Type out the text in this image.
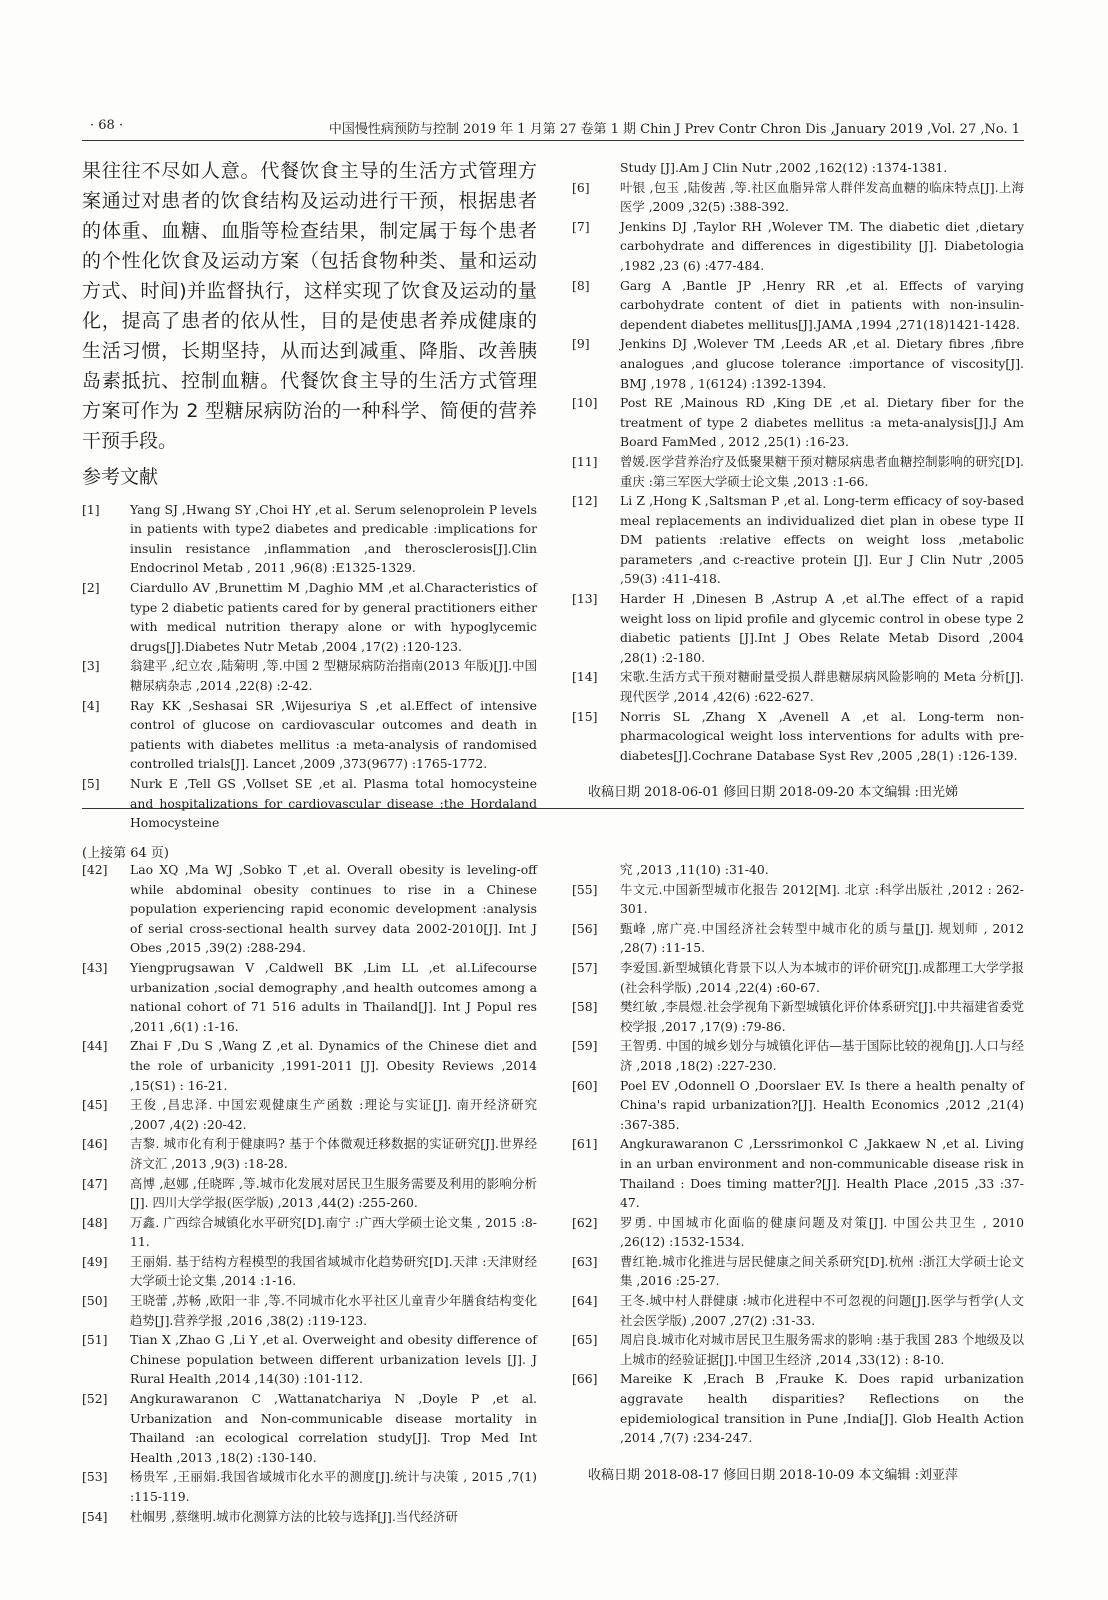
· 68 ·	中国慢性病预防与控制 2019 年 1 月第 27 卷第 1 期 Chin J Prev Contr Chron Dis ,January 2019 ,Vol. 27 ,No. 1
果往往不尽如人意。代餐饮食主导的生活方式管理方案通过对患者的饮食结构及运动进行干预，根据患者的体重、血糖、血脂等检查结果，制定属于每个患者的个性化饮食及运动方案（包括食物种类、量和运动方式、时间)并监督执行，这样实现了饮食及运动的量化，提高了患者的依从性，目的是使患者养成健康的生活习惯，长期坚持，从而达到减重、降脂、改善胰岛素抵抗、控制血糖。代餐饮食主导的生活方式管理方案可作为 2 型糖尿病防治的一种科学、简便的营养干预手段。
参考文献
[1]	Yang SJ ,Hwang SY ,Choi HY ,et al. Serum selenoprolein P levels in patients with type2 diabetes and predicable :implications for insulin resistance ,inflammation ,and therosclerosis[J].Clin Endocrinol Metab , 2011 ,96(8) :E1325-1329.
[2]	Ciardullo AV ,Brunettim M ,Daghio MM ,et al.Characteristics of type 2 diabetic patients cared for by general practitioners either with medical nutrition therapy alone or with hypoglycemic drugs[J].Diabetes Nutr Metab ,2004 ,17(2) :120-123.
[3]	翁建平 ,纪立农 ,陆菊明 ,等.中国 2 型糖尿病防治指南(2013 年版)[J].中国糖尿病杂志 ,2014 ,22(8) :2-42.
[4]	Ray KK ,Seshasai SR ,Wijesuriya S ,et al.Effect of intensive control of glucose on cardiovascular outcomes and death in patients with diabetes mellitus :a meta-analysis of randomised controlled trials[J]. Lancet ,2009 ,373(9677) :1765-1772.
[5]	Nurk E ,Tell GS ,Vollset SE ,et al. Plasma total homocysteine and hospitalizations for cardiovascular disease :the Hordaland Homocysteine
Study [J].Am J Clin Nutr ,2002 ,162(12) :1374-1381.
[6]	叶银 ,包玉 ,陆俊茜 ,等.社区血脂异常人群伴发高血糖的临床特点[J].上海医学 ,2009 ,32(5) :388-392.
[7]	Jenkins DJ ,Taylor RH ,Wolever TM. The diabetic diet ,dietary carbohydrate and differences in digestibility [J]. Diabetologia ,1982 ,23 (6) :477-484.
[8]	Garg A ,Bantle JP ,Henry RR ,et al. Effects of varying carbohydrate content of diet in patients with non-insulin-dependent diabetes mellitus[J].JAMA ,1994 ,271(18)1421-1428.
[9]	Jenkins DJ ,Wolever TM ,Leeds AR ,et al. Dietary fibres ,fibre analogues ,and glucose tolerance :importance of viscosity[J]. BMJ ,1978 , 1(6124) :1392-1394.
[10]	Post RE ,Mainous RD ,King DE ,et al. Dietary fiber for the treatment of type 2 diabetes mellitus :a meta-analysis[J].J Am Board FamMed , 2012 ,25(1) :16-23.
[11]	曾媛.医学营养治疗及低聚果糖干预对糖尿病患者血糖控制影响的研究[D].重庆 :第三军医大学硕士论文集 ,2013 :1-66.
[12]	Li Z ,Hong K ,Saltsman P ,et al. Long-term efficacy of soy-based meal replacements an individualized diet plan in obese type II DM patients :relative effects on weight loss ,metabolic parameters ,and c-reactive protein [J]. Eur J Clin Nutr ,2005 ,59(3) :411-418.
[13]	Harder H ,Dinesen B ,Astrup A ,et al.The effect of a rapid weight loss on lipid profile and glycemic control in obese type 2 diabetic patients [J].Int J Obes Relate Metab Disord ,2004 ,28(1) :2-180.
[14]	宋歌.生活方式干预对糖耐量受损人群患糖尿病风险影响的 Meta 分析[J].现代医学 ,2014 ,42(6) :622-627.
[15]	Norris SL ,Zhang X ,Avenell A ,et al. Long-term non-pharmacological weight loss interventions for adults with pre-diabetes[J].Cochrane Database Syst Rev ,2005 ,28(1) :126-139.
收稿日期 2018-06-01 修回日期 2018-09-20 本文编辑 :田光娣
(上接第 64 页)
[42]	Lao XQ ,Ma WJ ,Sobko T ,et al. Overall obesity is leveling-off while abdominal obesity continues to rise in a Chinese population experiencing rapid economic development :analysis of serial cross-sectional health survey data 2002-2010[J]. Int J Obes ,2015 ,39(2) :288-294.
[43]	Yiengprugsawan V ,Caldwell BK ,Lim LL ,et al.Lifecourse urbanization ,social demography ,and health outcomes among a national cohort of 71 516 adults in Thailand[J]. Int J Popul res ,2011 ,6(1) :1-16.
[44]	Zhai F ,Du S ,Wang Z ,et al. Dynamics of the Chinese diet and the role of urbanicity ,1991-2011 [J]. Obesity Reviews ,2014 ,15(S1) : 16-21.
[45]	王俊 ,昌忠泽. 中国宏观健康生产函数 :理论与实证[J]. 南开经济研究 ,2007 ,4(2) :20-42.
[46]	吉黎. 城市化有利于健康吗? 基于个体微观迁移数据的实证研究[J].世界经济文汇 ,2013 ,9(3) :18-28.
[47]	高博 ,赵娜 ,任晓晖 ,等.城市化发展对居民卫生服务需要及利用的影响分析[J]. 四川大学学报(医学版) ,2013 ,44(2) :255-260.
[48]	万鑫. 广西综合城镇化水平研究[D].南宁 :广西大学硕士论文集 , 2015 :8-11.
[49]	王丽娟. 基于结构方程模型的我国省域城市化趋势研究[D].天津 :天津财经大学硕士论文集 ,2014 :1-16.
[50]	王晓蕾 ,苏畅 ,欧阳一非 ,等.不同城市化水平社区儿童青少年膳食结构变化趋势[J].营养学报 ,2016 ,38(2) :119-123.
[51]	Tian X ,Zhao G ,Li Y ,et al. Overweight and obesity difference of Chinese population between different urbanization levels [J]. J Rural Health ,2014 ,14(30) :101-112.
[52]	Angkurawaranon C ,Wattanatchariya N ,Doyle P ,et al. Urbanization and Non-communicable disease mortality in Thailand :an ecological correlation study[J]. Trop Med Int Health ,2013 ,18(2) :130-140.
[53]	杨贵军 ,王丽娟.我国省域城市化水平的测度[J].统计与决策 , 2015 ,7(1) :115-119.
[54]	杜帼男 ,蔡继明.城市化测算方法的比较与选择[J].当代经济研
究 ,2013 ,11(10) :31-40.
[55]	牛文元.中国新型城市化报告 2012[M]. 北京 :科学出版社 ,2012 : 262-301.
[56]	甄峰 ,席广亮.中国经济社会转型中城市化的质与量[J]. 规划师 , 2012 ,28(7) :11-15.
[57]	李爱国.新型城镇化背景下以人为本城市的评价研究[J].成都理工大学学报(社会科学版) ,2014 ,22(4) :60-67.
[58]	樊红敏 ,李晨煜.社会学视角下新型城镇化评价体系研究[J].中共福建省委党校学报 ,2017 ,17(9) :79-86.
[59]	王智勇. 中国的城乡划分与城镇化评估—基于国际比较的视角[J].人口与经济 ,2018 ,18(2) :227-230.
[60]	Poel EV ,Odonnell O ,Doorslaer EV. Is there a health penalty of China's rapid urbanization?[J]. Health Economics ,2012 ,21(4) :367-385.
[61]	Angkurawaranon C ,Lerssrimonkol C ,Jakkaew N ,et al. Living in an urban environment and non-communicable disease risk in Thailand : Does timing matter?[J]. Health Place ,2015 ,33 :37-47.
[62]	罗勇. 中国城市化面临的健康问题及对策[J]. 中国公共卫生 , 2010 ,26(12) :1532-1534.
[63]	曹红艳.城市化推进与居民健康之间关系研究[D].杭州 :浙江大学硕士论文集 ,2016 :25-27.
[64]	王冬.城中村人群健康 :城市化进程中不可忽视的问题[J].医学与哲学(人文社会医学版) ,2007 ,27(2) :31-33.
[65]	周启良.城市化对城市居民卫生服务需求的影响 :基于我国 283 个地级及以上城市的经验证据[J].中国卫生经济 ,2014 ,33(12) : 8-10.
[66]	Mareike K ,Erach B ,Frauke K. Does rapid urbanization aggravate health disparities? Reflections on the epidemiological transition in Pune ,India[J]. Glob Health Action ,2014 ,7(7) :234-247.
收稿日期 2018-08-17 修回日期 2018-10-09 本文编辑 :刘亚萍
